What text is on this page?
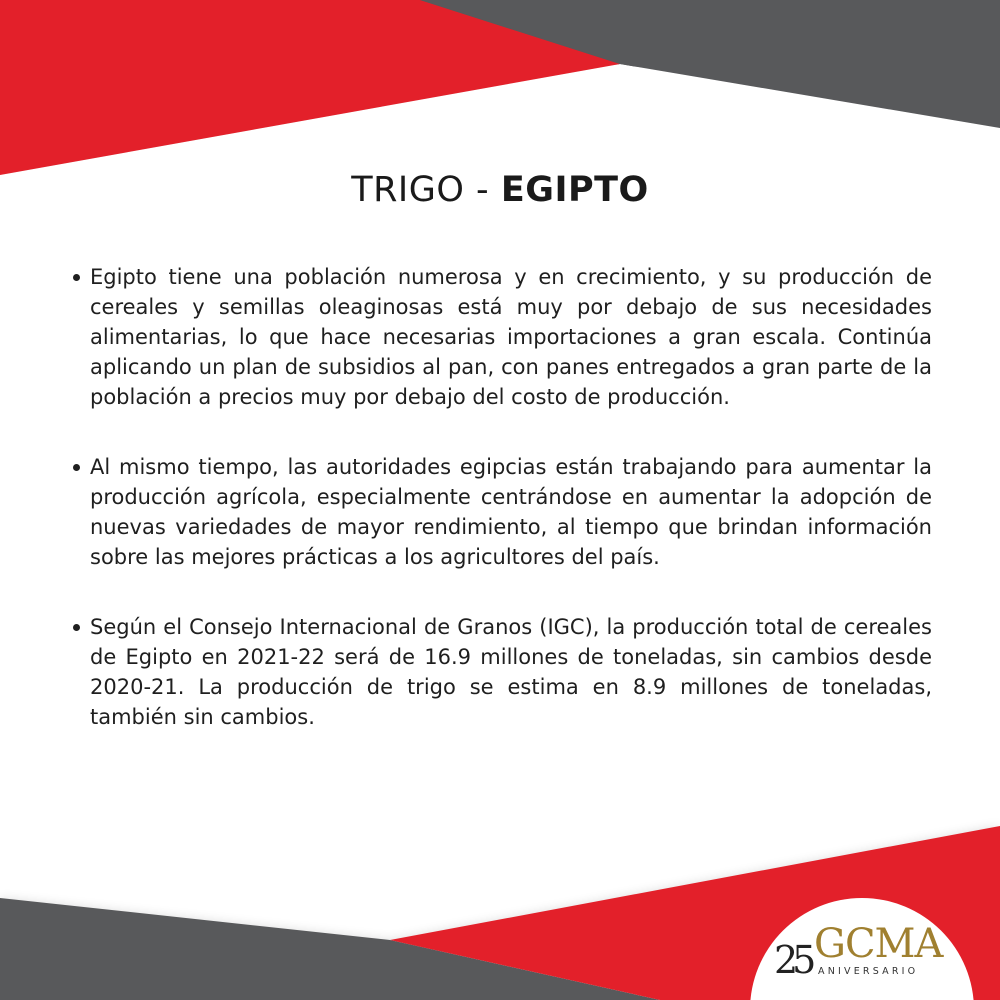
TRIGO - EGIPTO
Egipto tiene una población numerosa y en crecimiento, y su producción de cereales y semillas oleaginosas está muy por debajo de sus necesidades alimentarias, lo que hace necesarias importaciones a gran escala. Continúa aplicando un plan de subsidios al pan, con panes entregados a gran parte de la población a precios muy por debajo del costo de producción.
Al mismo tiempo, las autoridades egipcias están trabajando para aumentar la producción agrícola, especialmente centrándose en aumentar la adopción de nuevas variedades de mayor rendimiento, al tiempo que brindan información sobre las mejores prácticas a los agricultores del país.
Según el Consejo Internacional de Granos (IGC), la producción total de cereales de Egipto en 2021-22 será de 16.9 millones de toneladas, sin cambios desde 2020-21. La producción de trigo se estima en 8.9 millones de toneladas, también sin cambios.
25 GCMA
ANIVERSARIO
